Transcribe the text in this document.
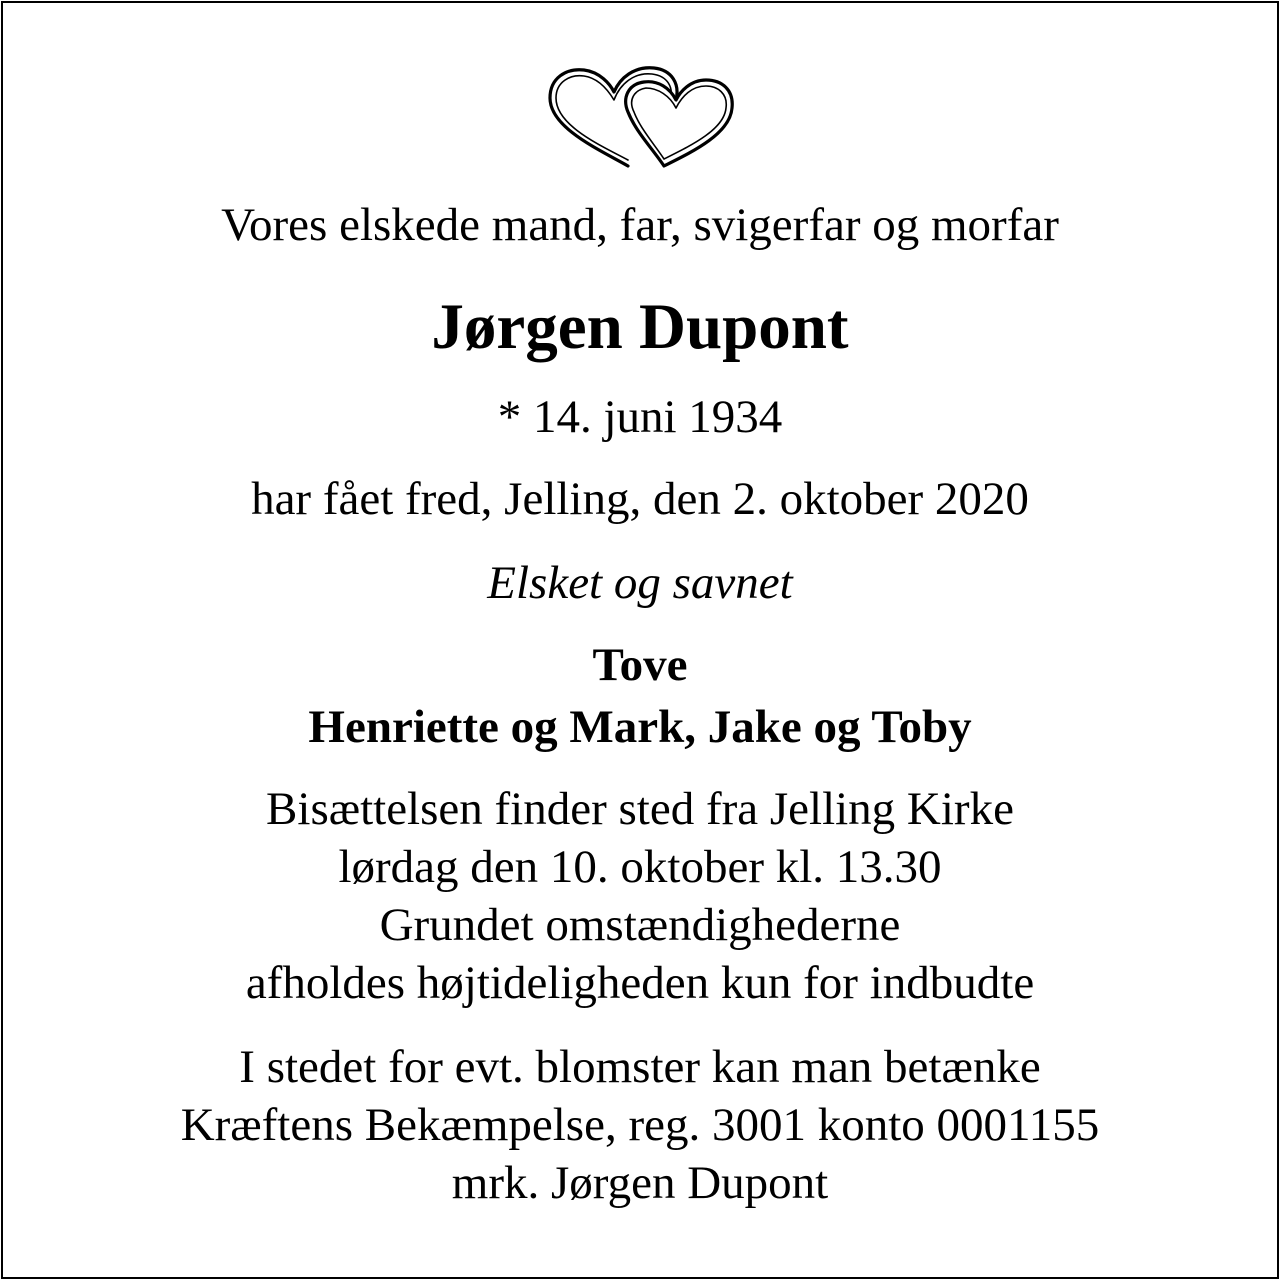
Vores elskede mand, far, svigerfar og morfar

Jørgen Dupont

* 14. juni 1934

har fået fred, Jelling, den 2. oktober 2020

Elsket og savnet

Tove

Henriette og Mark, Jake og Toby

Bisættelsen finder sted fra Jelling Kirke

lørdag den 10. oktober kl. 13.30

Grundet omstændighederne

afholdes højtideligheden kun for indbudte

I stedet for evt. blomster kan man betænke

Kræftens Bekæmpelse, reg. 3001 konto 0001155

mrk. Jørgen Dupont
